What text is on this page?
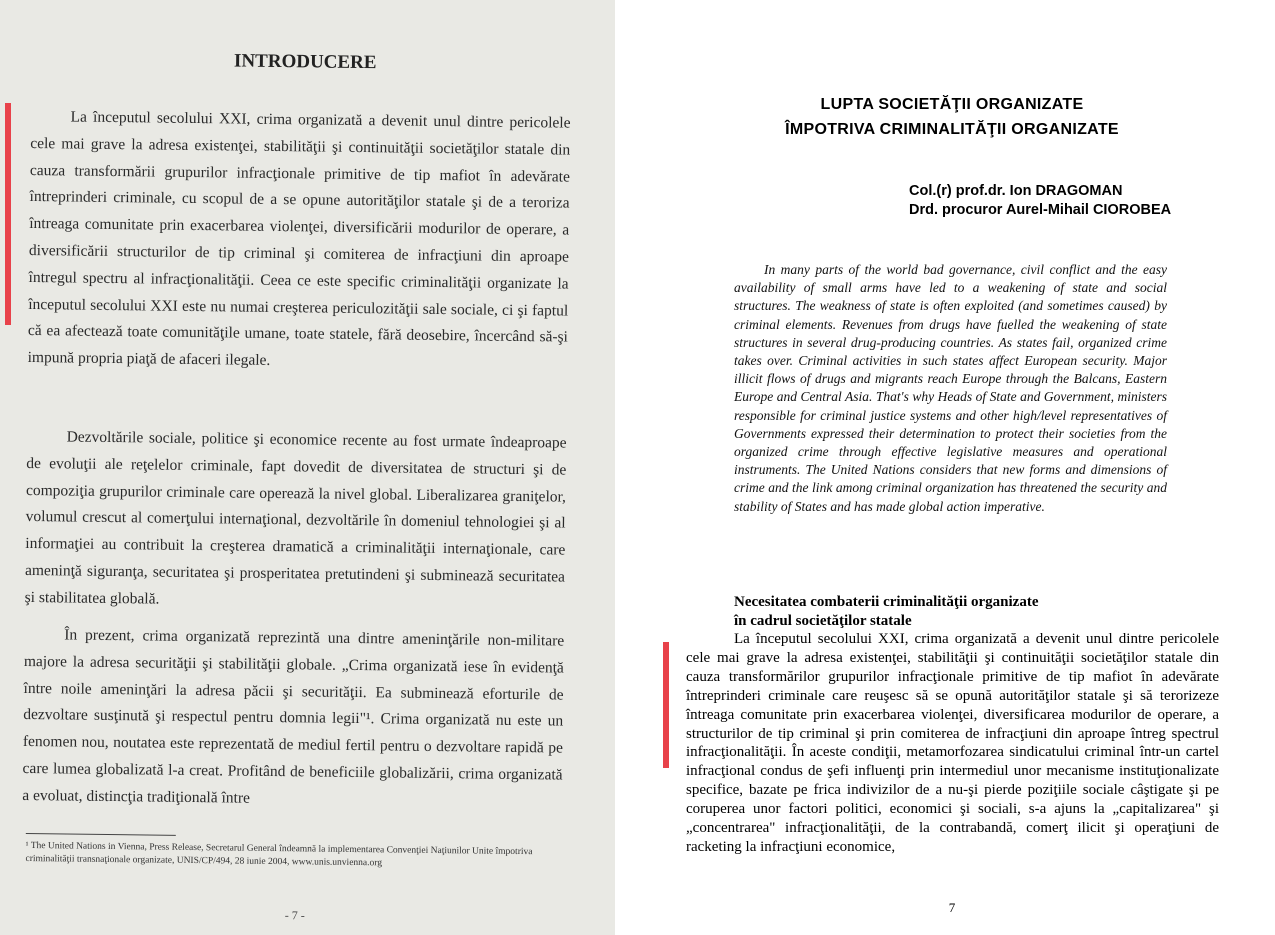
INTRODUCERE

La începutul secolului XXI, crima organizată a devenit unul dintre pericolele cele mai grave la adresa existenţei, stabilităţii şi continuităţii societăţilor statale din cauza transformării grupurilor infracţionale primitive de tip mafiot în adevărate întreprinderi criminale, cu scopul de a se opune autorităţilor statale şi de a teroriza întreaga comunitate prin exacerbarea violenţei, diversificării modurilor de operare, a diversificării structurilor de tip criminal şi comiterea de infracţiuni din aproape întregul spectru al infracţionalităţii. Ceea ce este specific criminalităţii organizate la începutul secolului XXI este nu numai creşterea periculozităţii sale sociale, ci şi faptul că ea afectează toate comunităţile umane, toate statele, fără deosebire, încercând să-şi impună propria piaţă de afaceri ilegale.

Dezvoltările sociale, politice şi economice recente au fost urmate îndeaproape de evoluţii ale reţelelor criminale, fapt dovedit de diversitatea de structuri şi de compoziţia grupurilor criminale care operează la nivel global. Liberalizarea graniţelor, volumul crescut al comerţului internaţional, dezvoltările în domeniul tehnologiei şi al informaţiei au contribuit la creşterea dramatică a criminalităţii internaţionale, care ameninţă siguranţa, securitatea şi prosperitatea pretutindeni şi subminează securitatea şi stabilitatea globală.

În prezent, crima organizată reprezintă una dintre ameninţările non-militare majore la adresa securităţii şi stabilităţii globale. „Crima organizată iese în evidenţă între noile ameninţări la adresa păcii şi securităţii. Ea subminează eforturile de dezvoltare susţinută şi respectul pentru domnia legii"¹. Crima organizată nu este un fenomen nou, noutatea este reprezentată de mediul fertil pentru o dezvoltare rapidă pe care lumea globalizată l-a creat. Profitând de beneficiile globalizării, crima organizată a evoluat, distincţia tradiţională între

¹ The United Nations in Vienna, Press Release, Secretarul General îndeamnă la implementarea Convenţiei Naţiunilor Unite împotriva criminalităţii transnaţionale organizate, UNIS/CP/494, 28 iunie 2004, www.unis.unvienna.org

- 7 -
LUPTA SOCIETĂŢII ORGANIZATE
ÎMPOTRIVA CRIMINALITĂŢII ORGANIZATE
Col.(r) prof.dr. Ion DRAGOMAN
Drd. procuror Aurel-Mihail CIOROBEA

In many parts of the world bad governance, civil conflict and the easy availability of small arms have led to a weakening of state and social structures. The weakness of state is often exploited (and sometimes caused) by criminal elements. Revenues from drugs have fuelled the weakening of state structures in several drug-producing countries. As states fail, organized crime takes over. Criminal activities in such states affect European security. Major illicit flows of drugs and migrants reach Europe through the Balcans, Eastern Europe and Central Asia. That's why Heads of State and Government, ministers responsible for criminal justice systems and other high/level representatives of Governments expressed their determination to protect their societies from the organized crime through effective legislative measures and operational instruments. The United Nations considers that new forms and dimensions of crime and the link among criminal organization has threatened the security and stability of States and has made global action imperative.

Necesitatea combaterii criminalităţii organizate
în cadrul societăţilor statale

La începutul secolului XXI, crima organizată a devenit unul dintre pericolele cele mai grave la adresa existenţei, stabilităţii şi continuităţii societăţilor statale din cauza transformărilor grupurilor infracţionale primitive de tip mafiot în adevărate întreprinderi criminale care reuşesc să se opună autorităţilor statale şi să terorizeze întreaga comunitate prin exacerbarea violenţei, diversificarea modurilor de operare, a structurilor de tip criminal şi prin comiterea de infracţiuni din aproape întreg spectrul infracţionalităţii. În aceste condiţii, metamorfozarea sindicatului criminal într-un cartel infracţional condus de şefi influenţi prin intermediul unor mecanisme instituţionalizate specifice, bazate pe frica indivizilor de a nu-şi pierde poziţiile sociale câştigate şi pe coruperea unor factori politici, economici şi sociali, s-a ajuns la „capitalizarea" şi „concentrarea" infracţionalităţii, de la contrabandă, comerţ ilicit şi operaţiuni de racketing la infracţiuni economice,

7
